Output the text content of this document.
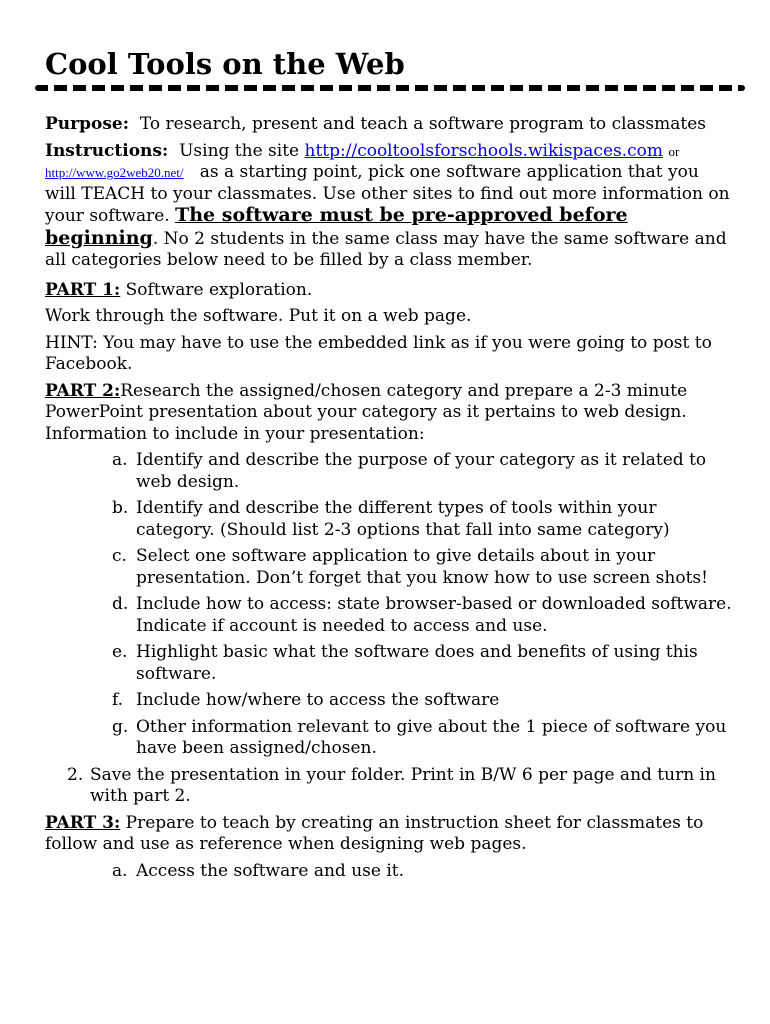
Cool Tools on the Web

Purpose: To research, present and teach a software program to classmates

Instructions: Using the site http://cooltoolsforschools.wikispaces.com or http://www.go2web20.net/ as a starting point, pick one software application that you will TEACH to your classmates. Use other sites to find out more information on your software. The software must be pre-approved before beginning. No 2 students in the same class may have the same software and all categories below need to be filled by a class member.

PART 1: Software exploration.

Work through the software. Put it on a web page.

HINT: You may have to use the embedded link as if you were going to post to Facebook.

PART 2:Research the assigned/chosen category and prepare a 2-3 minute PowerPoint presentation about your category as it pertains to web design. Information to include in your presentation:

a. Identify and describe the purpose of your category as it related to web design.
b. Identify and describe the different types of tools within your category. (Should list 2-3 options that fall into same category)
c. Select one software application to give details about in your presentation. Don’t forget that you know how to use screen shots!
d. Include how to access: state browser-based or downloaded software. Indicate if account is needed to access and use.
e. Highlight basic what the software does and benefits of using this software.
f. Include how/where to access the software
g. Other information relevant to give about the 1 piece of software you have been assigned/chosen.
2. Save the presentation in your folder. Print in B/W 6 per page and turn in with part 2.

PART 3: Prepare to teach by creating an instruction sheet for classmates to follow and use as reference when designing web pages.

a. Access the software and use it.
